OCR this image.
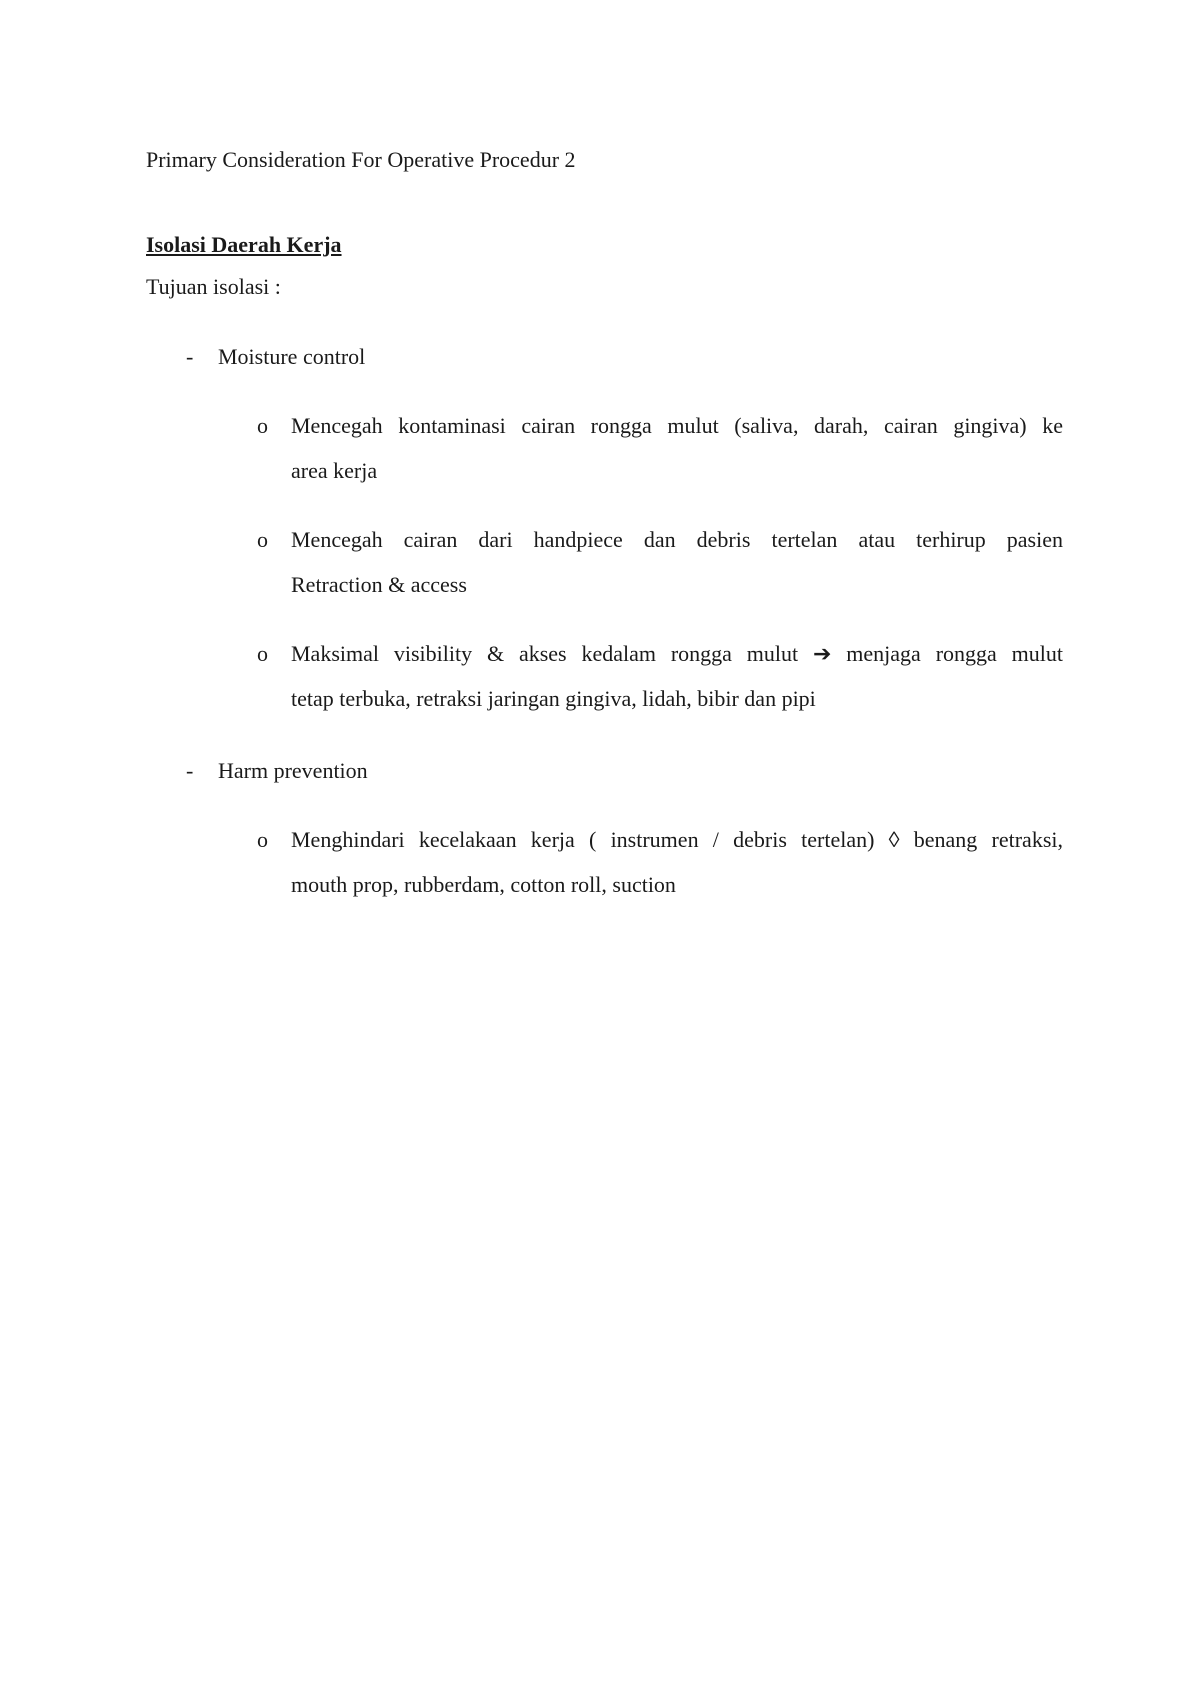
Primary Consideration For Operative Procedur 2
Isolasi Daerah Kerja
Tujuan isolasi :
- Moisture control
o Mencegah kontaminasi cairan rongga mulut (saliva, darah, cairan gingiva) ke
area kerja
o Mencegah cairan dari handpiece dan debris tertelan atau terhirup pasien
Retraction & access
o Maksimal visibility & akses kedalam rongga mulut ➔ menjaga rongga mulut
tetap terbuka, retraksi jaringan gingiva, lidah, bibir dan pipi
- Harm prevention
o Menghindari kecelakaan kerja ( instrumen / debris tertelan) ◊ benang retraksi,
mouth prop, rubberdam, cotton roll, suction
